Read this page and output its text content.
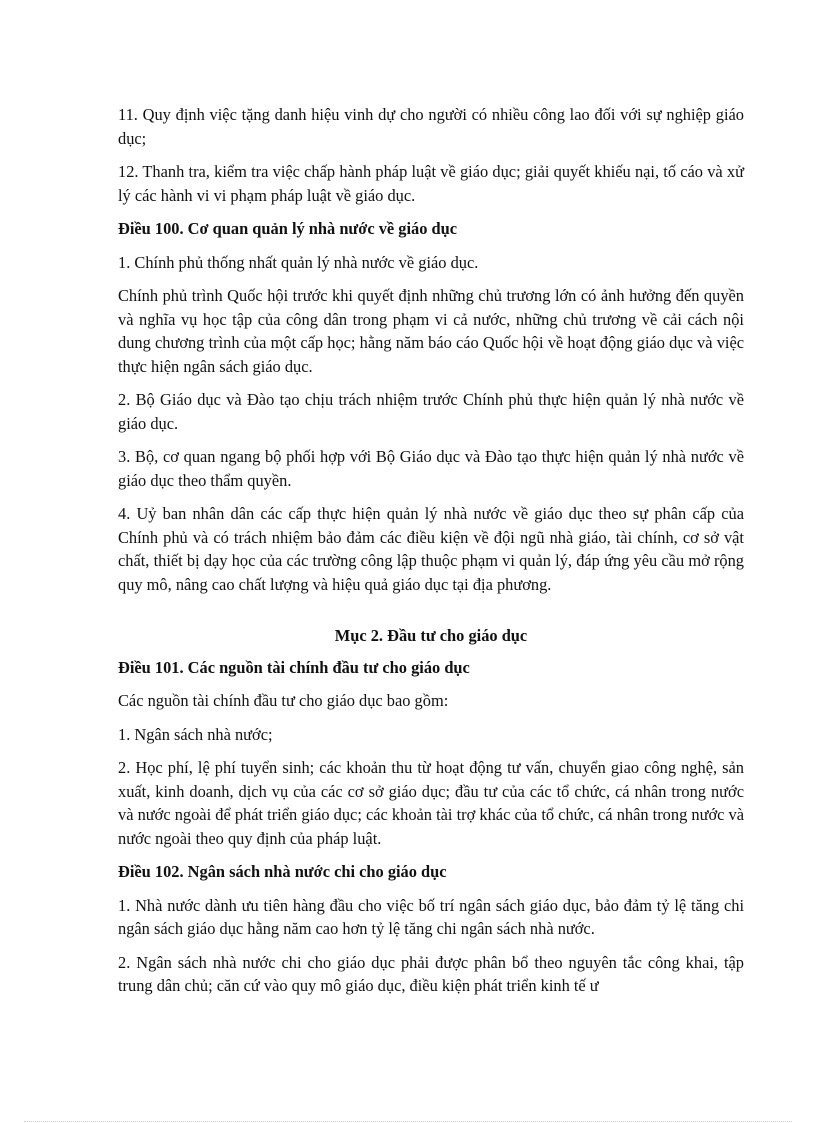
11. Quy định việc tặng danh hiệu vinh dự cho người có nhiều công lao đối với sự nghiệp giáo dục;

12. Thanh tra, kiểm tra việc chấp hành pháp luật về giáo dục; giải quyết khiếu nại, tố cáo và xử lý các hành vi vi phạm pháp luật về giáo dục.

Điều 100. Cơ quan quản lý nhà nước về giáo dục

1. Chính phủ thống nhất quản lý nhà nước về giáo dục.

Chính phủ trình Quốc hội trước khi quyết định những chủ trương lớn có ảnh hưởng đến quyền và nghĩa vụ học tập của công dân trong phạm vi cả nước, những chủ trương về cải cách nội dung chương trình của một cấp học; hằng năm báo cáo Quốc hội về hoạt động giáo dục và việc thực hiện ngân sách giáo dục.

2. Bộ Giáo dục và Đào tạo chịu trách nhiệm trước Chính phủ thực hiện quản lý nhà nước về giáo dục.

3. Bộ, cơ quan ngang bộ phối hợp với Bộ Giáo dục và Đào tạo thực hiện quản lý nhà nước về giáo dục theo thẩm quyền.

4. Uỷ ban nhân dân các cấp thực hiện quản lý nhà nước về giáo dục theo sự phân cấp của Chính phủ và có trách nhiệm bảo đảm các điều kiện về đội ngũ nhà giáo, tài chính, cơ sở vật chất, thiết bị dạy học của các trường công lập thuộc phạm vi quản lý, đáp ứng yêu cầu mở rộng quy mô, nâng cao chất lượng và hiệu quả giáo dục tại địa phương.

Mục 2. Đầu tư cho giáo dục

Điều 101. Các nguồn tài chính đầu tư cho giáo dục

Các nguồn tài chính đầu tư cho giáo dục bao gồm:

1. Ngân sách nhà nước;

2. Học phí, lệ phí tuyển sinh; các khoản thu từ hoạt động tư vấn, chuyển giao công nghệ, sản xuất, kinh doanh, dịch vụ của các cơ sở giáo dục; đầu tư của các tổ chức, cá nhân trong nước và nước ngoài để phát triển giáo dục; các khoản tài trợ khác của tổ chức, cá nhân trong nước và nước ngoài theo quy định của pháp luật.

Điều 102. Ngân sách nhà nước chi cho giáo dục

1. Nhà nước dành ưu tiên hàng đầu cho việc bố trí ngân sách giáo dục, bảo đảm tỷ lệ tăng chi ngân sách giáo dục hằng năm cao hơn tỷ lệ tăng chi ngân sách nhà nước.

2. Ngân sách nhà nước chi cho giáo dục phải được phân bổ theo nguyên tắc công khai, tập trung dân chủ; căn cứ vào quy mô giáo dục, điều kiện phát triển kinh tế ư
